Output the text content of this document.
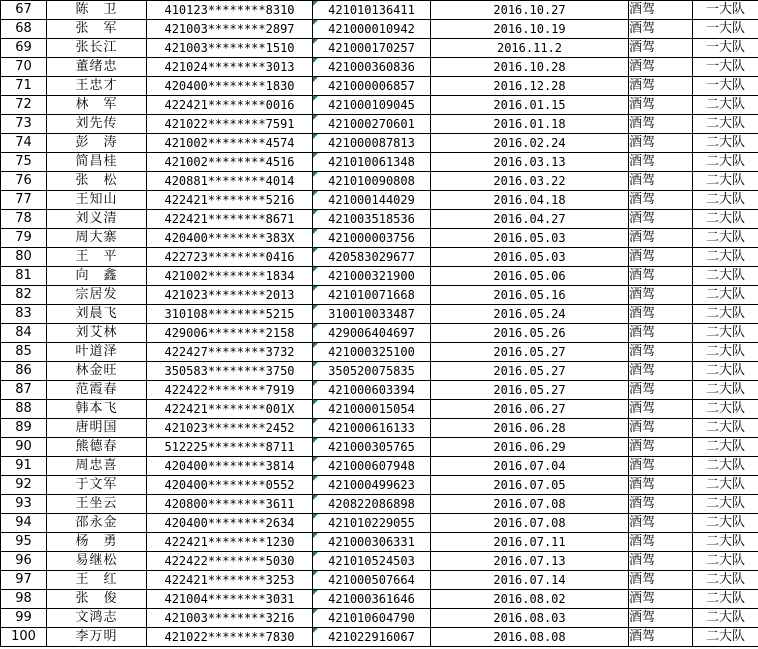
67	陈　卫	410123********8310	421010136411	2016.10.27	酒驾	一大队
68	张　军	421003********2897	421000010942	2016.10.19	酒驾	一大队
69	张长江	421003********1510	421000170257	2016.11.2	酒驾	一大队
70	董绪忠	421024********3013	421000360836	2016.10.28	酒驾	一大队
71	王忠才	420400********1830	421000006857	2016.12.28	酒驾	一大队
72	林　军	422421********0016	421000109045	2016.01.15	酒驾	二大队
73	刘先传	421022********7591	421000270601	2016.01.18	酒驾	二大队
74	彭　涛	421002********4574	421000087813	2016.02.24	酒驾	二大队
75	简昌桂	421002********4516	421010061348	2016.03.13	酒驾	二大队
76	张　松	420881********4014	421010090808	2016.03.22	酒驾	二大队
77	王知山	422421********5216	421000144029	2016.04.18	酒驾	二大队
78	刘义清	422421********8671	421003518536	2016.04.27	酒驾	二大队
79	周大寨	420400********383X	421000003756	2016.05.03	酒驾	二大队
80	王　平	422723********0416	420583029677	2016.05.03	酒驾	二大队
81	向　鑫	421002********1834	421000321900	2016.05.06	酒驾	二大队
82	宗居发	421023********2013	421010071668	2016.05.16	酒驾	二大队
83	刘晨飞	310108********5215	310010033487	2016.05.24	酒驾	二大队
84	刘艾林	429006********2158	429006404697	2016.05.26	酒驾	二大队
85	叶道泽	422427********3732	421000325100	2016.05.27	酒驾	二大队
86	林金旺	350583********3750	350520075835	2016.05.27	酒驾	二大队
87	范霞春	422422********7919	421000603394	2016.05.27	酒驾	二大队
88	韩本飞	422421********001X	421000015054	2016.06.27	酒驾	二大队
89	唐明国	421023********2452	421000616133	2016.06.28	酒驾	二大队
90	熊德春	512225********8711	421000305765	2016.06.29	酒驾	二大队
91	周忠喜	420400********3814	421000607948	2016.07.04	酒驾	二大队
92	于文军	420400********0552	421000499623	2016.07.05	酒驾	二大队
93	王坐云	420800********3611	420822086898	2016.07.08	酒驾	二大队
94	邵永金	420400********2634	421010229055	2016.07.08	酒驾	二大队
95	杨　勇	422421********1230	421000306331	2016.07.11	酒驾	二大队
96	易继松	422422********5030	421010524503	2016.07.13	酒驾	二大队
97	王　红	422421********3253	421000507664	2016.07.14	酒驾	二大队
98	张　俊	421004********3031	421000361646	2016.08.02	酒驾	二大队
99	文鸿志	421003********3216	421010604790	2016.08.03	酒驾	二大队
100	李万明	421022********7830	421022916067	2016.08.08	酒驾	二大队
